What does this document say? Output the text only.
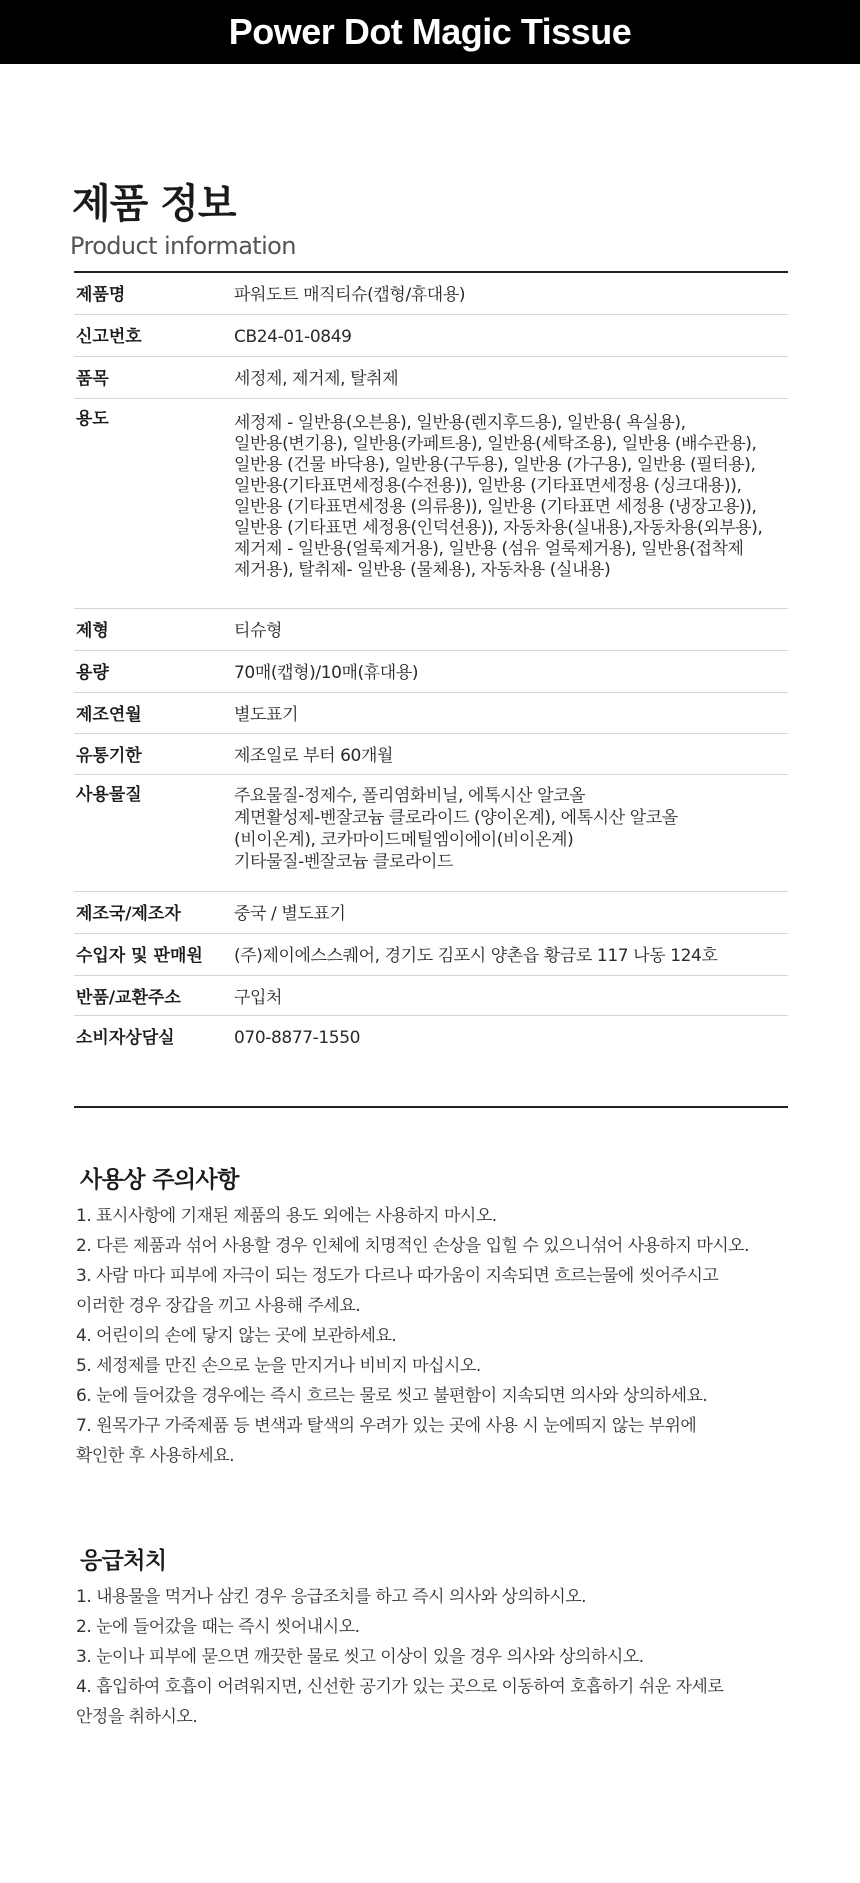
Power Dot Magic Tissue
제품 정보
Product information
제품명	파워도트 매직티슈(캡형/휴대용)
신고번호	CB24-01-0849
품목	세정제, 제거제, 탈취제
용도	세정제 - 일반용(오븐용), 일반용(렌지후드용), 일반용( 욕실용),
일반용(변기용), 일반용(카페트용), 일반용(세탁조용), 일반용 (배수관용),
일반용 (건물 바닥용), 일반용(구두용), 일반용 (가구용), 일반용 (필터용),
일반용(기타표면세정용(수전용)), 일반용 (기타표면세정용 (싱크대용)),
일반용 (기타표면세정용 (의류용)), 일반용 (기타표면 세정용 (냉장고용)),
일반용 (기타표면 세정용(인덕션용)), 자동차용(실내용),자동차용(외부용),
제거제 - 일반용(얼룩제거용), 일반용 (섬유 얼룩제거용), 일반용(접착제
제거용), 탈취제- 일반용 (물체용), 자동차용 (실내용)
제형	티슈형
용량	70매(캡형)/10매(휴대용)
제조연월	별도표기
유통기한	제조일로 부터 60개월
사용물질	주요물질-정제수, 폴리염화비닐, 에톡시산 알코올
계면활성제-벤잘코늄 클로라이드 (양이온계), 에톡시산 알코올
(비이온계), 코카마이드메틸엠이에이(비이온계)
기타물질-벤잘코늄 클로라이드
제조국/제조자	중국 / 별도표기
수입자 및 판매원	(주)제이에스스퀘어, 경기도 김포시 양촌읍 황금로 117 나동 124호
반품/교환주소	구입처
소비자상담실	070-8877-1550
사용상 주의사항
1. 표시사항에 기재된 제품의 용도 외에는 사용하지 마시오.
2. 다른 제품과 섞어 사용할 경우 인체에 치명적인 손상을 입힐 수 있으니섞어 사용하지 마시오.
3. 사람 마다 피부에 자극이 되는 정도가 다르나 따가움이 지속되면 흐르는물에 씻어주시고
이러한 경우 장갑을 끼고 사용해 주세요.
4. 어린이의 손에 닿지 않는 곳에 보관하세요.
5. 세정제를 만진 손으로 눈을 만지거나 비비지 마십시오.
6. 눈에 들어갔을 경우에는 즉시 흐르는 물로 씻고 불편함이 지속되면 의사와 상의하세요.
7. 원목가구 가죽제품 등 변색과 탈색의 우려가 있는 곳에 사용 시 눈에띄지 않는 부위에
확인한 후 사용하세요.
응급처치
1. 내용물을 먹거나 삼킨 경우 응급조치를 하고 즉시 의사와 상의하시오.
2. 눈에 들어갔을 때는 즉시 씻어내시오.
3. 눈이나 피부에 묻으면 깨끗한 물로 씻고 이상이 있을 경우 의사와 상의하시오.
4. 흡입하여 호흡이 어려워지면, 신선한 공기가 있는 곳으로 이동하여 호흡하기 쉬운 자세로
안정을 취하시오.
